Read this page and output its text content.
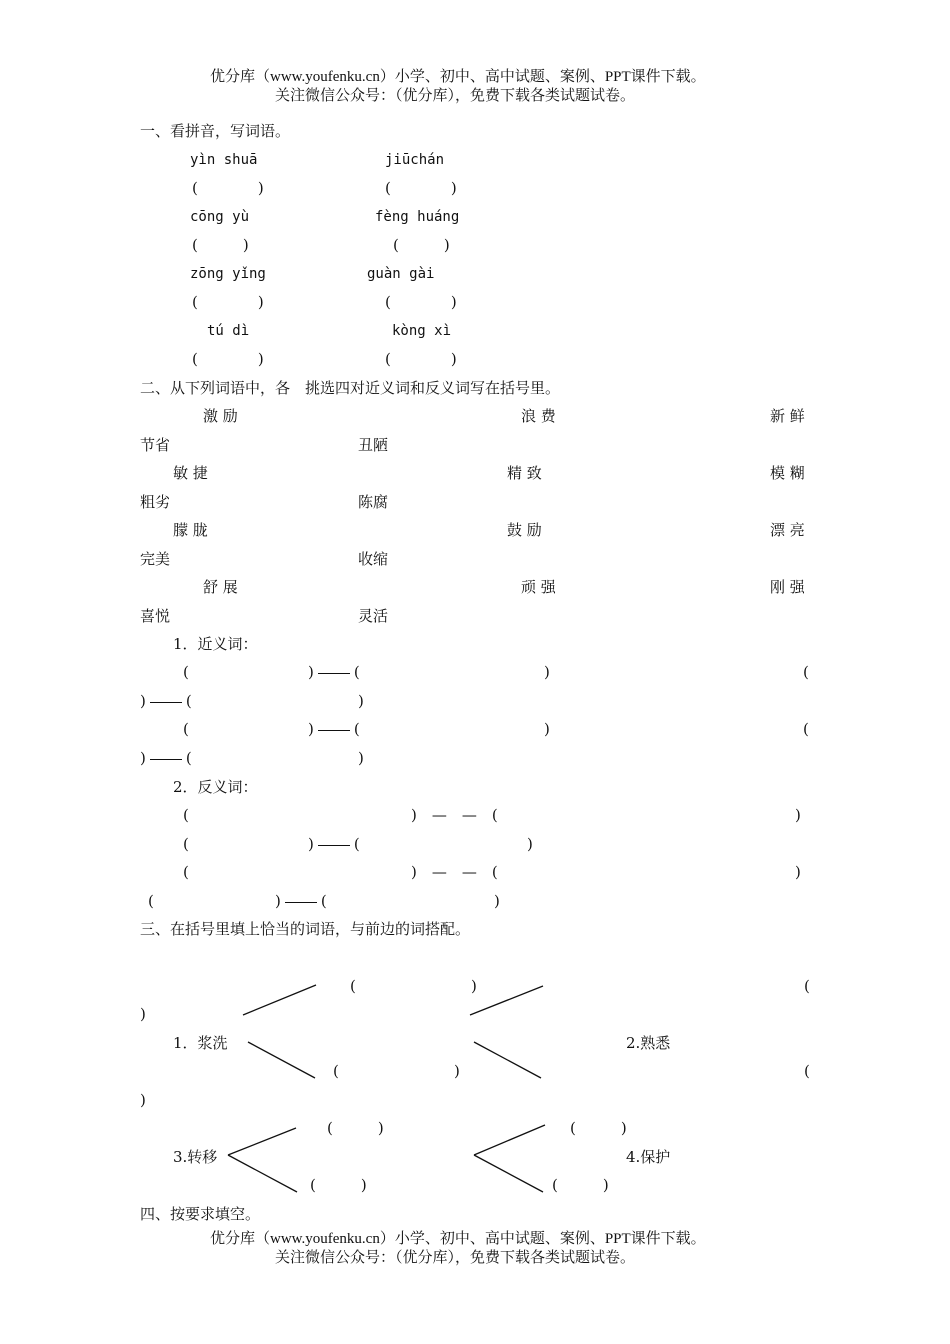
优分库（www.youfenku.cn）小学、初中、高中试题、案例、PPT课件下载。
关注微信公众号：（优分库），免费下载各类试题试卷。
一、看拼音，写词语。
yìn shuā	jiūchán
(　　　　)	(　　　　)
cōng yù	fèng huáng
(　　　)	(　　　)
zōng yǐng	guàn gài
(　　　　)	(　　　　)
tú dì	kòng xì
(　　　　)	(　　　　)
二、从下列词语中，各　挑选四对近义词和反义词写在括号里。
激 励	浪 费	新 鲜
节省	丑陋
敏 捷	精 致	模 糊
粗劣	陈腐
朦 胧	鼓 励	漂 亮
完美	收缩
舒 展	顽 强	刚 强
喜悦	灵活
1．近义词：
(	)	(	)	(
)	(	)
(	)	(	)	(
)	(	)
2．反义词：
(	)　—　—　(	)
(	)	(	)
(	)　—　—　(	)
(	)	(	)
三、在括号里填上恰当的词语，与前边的词搭配。
(	)	(
)
1．浆洗	2.熟悉
(	)	(
)
(　　　)	(　　　)
3.转移	4.保护
(　　　)	(　　　)
四、按要求填空。
优分库（www.youfenku.cn）小学、初中、高中试题、案例、PPT课件下载。
关注微信公众号：（优分库），免费下载各类试题试卷。
